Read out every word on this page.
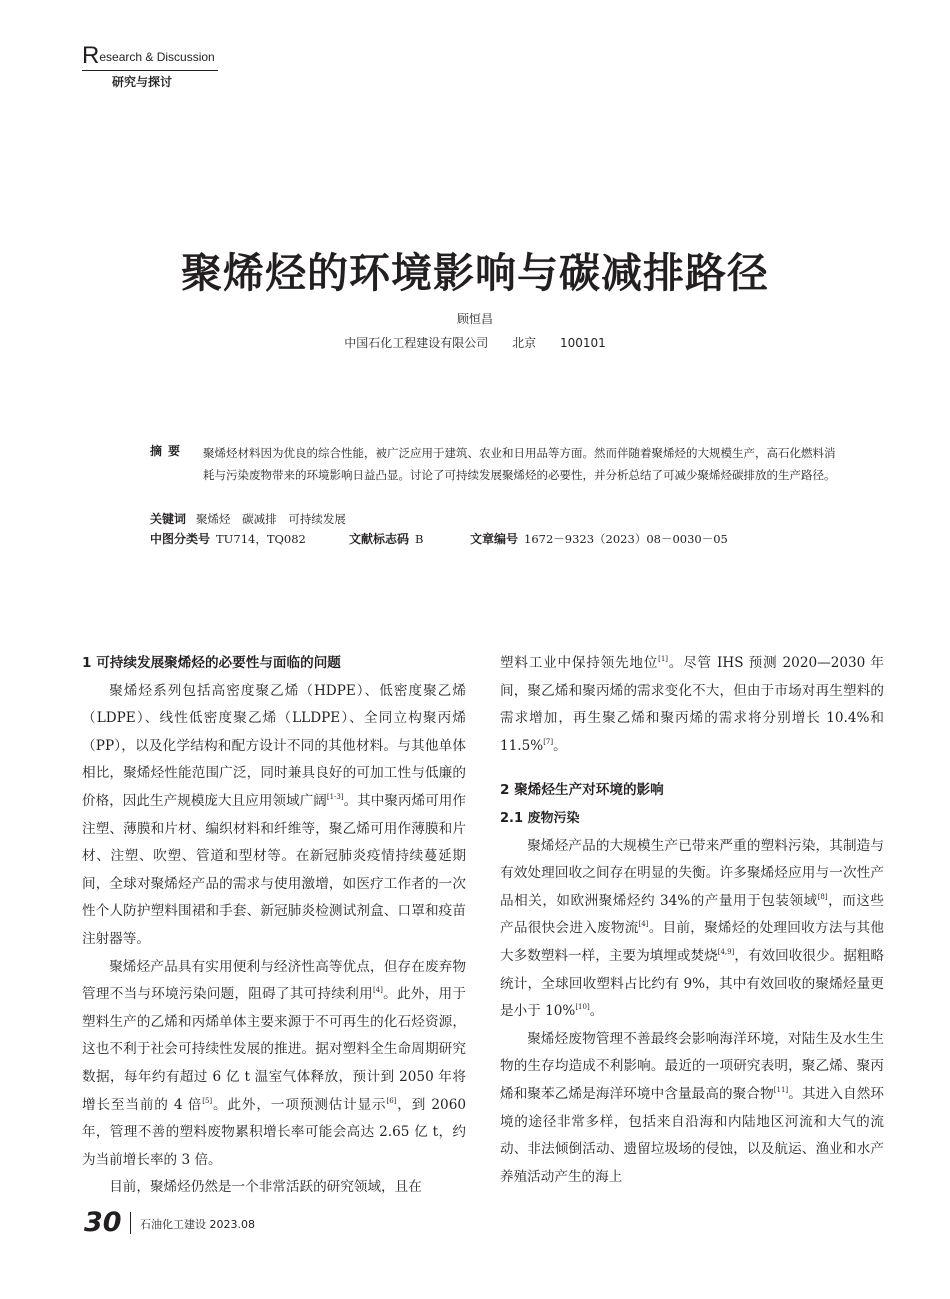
Research & Discussion
研究与探讨
聚烯烃的环境影响与碳减排路径
顾恒昌
中国石化工程建设有限公司 北京 100101
摘要	聚烯烃材料因为优良的综合性能，被广泛应用于建筑、农业和日用品等方面。然而伴随着聚烯烃的大规模生产，高石化燃料消耗与污染废物带来的环境影响日益凸显。讨论了可持续发展聚烯烃的必要性，并分析总结了可减少聚烯烃碳排放的生产路径。
关键词 聚烯烃 碳减排 可持续发展
中图分类号 TU714，TQ082	文献标志码 B	文章编号 1672－9323（2023）08－0030－05
1 可持续发展聚烯烃的必要性与面临的问题

聚烯烃系列包括高密度聚乙烯（HDPE）、低密度聚乙烯（LDPE）、线性低密度聚乙烯（LLDPE）、全同立构聚丙烯（PP），以及化学结构和配方设计不同的其他材料。与其他单体相比，聚烯烃性能范围广泛，同时兼具良好的可加工性与低廉的价格，因此生产规模庞大且应用领域广阔[1-3]。其中聚丙烯可用作注塑、薄膜和片材、编织材料和纤维等，聚乙烯可用作薄膜和片材、注塑、吹塑、管道和型材等。在新冠肺炎疫情持续蔓延期间，全球对聚烯烃产品的需求与使用激增，如医疗工作者的一次性个人防护塑料围裙和手套、新冠肺炎检测试剂盒、口罩和疫苗注射器等。

聚烯烃产品具有实用便利与经济性高等优点，但存在废弃物管理不当与环境污染问题，阻碍了其可持续利用[4]。此外，用于塑料生产的乙烯和丙烯单体主要来源于不可再生的化石烃资源，这也不利于社会可持续性发展的推进。据对塑料全生命周期研究数据，每年约有超过 6 亿 t 温室气体释放，预计到 2050 年将增长至当前的 4 倍[5]。此外，一项预测估计显示[6]，到 2060 年，管理不善的塑料废物累积增长率可能会高达 2.65 亿 t，约为当前增长率的 3 倍。

目前，聚烯烃仍然是一个非常活跃的研究领域，且在

塑料工业中保持领先地位[1]。尽管 IHS 预测 2020—2030 年间，聚乙烯和聚丙烯的需求变化不大，但由于市场对再生塑料的需求增加，再生聚乙烯和聚丙烯的需求将分别增长 10.4%和 11.5%[7]。

2 聚烯烃生产对环境的影响
2.1 废物污染

聚烯烃产品的大规模生产已带来严重的塑料污染，其制造与有效处理回收之间存在明显的失衡。许多聚烯烃应用与一次性产品相关，如欧洲聚烯烃约 34%的产量用于包装领域[8]，而这些产品很快会进入废物流[4]。目前，聚烯烃的处理回收方法与其他大多数塑料一样，主要为填埋或焚烧[4,9]，有效回收很少。据粗略统计，全球回收塑料占比约有 9%，其中有效回收的聚烯烃量更是小于 10%[10]。

聚烯烃废物管理不善最终会影响海洋环境，对陆生及水生生物的生存均造成不利影响。最近的一项研究表明，聚乙烯、聚丙烯和聚苯乙烯是海洋环境中含量最高的聚合物[11]。其进入自然环境的途径非常多样，包括来自沿海和内陆地区河流和大气的流动、非法倾倒活动、遗留垃圾场的侵蚀，以及航运、渔业和水产养殖活动产生的海上

30 石油化工建设 2023.08
